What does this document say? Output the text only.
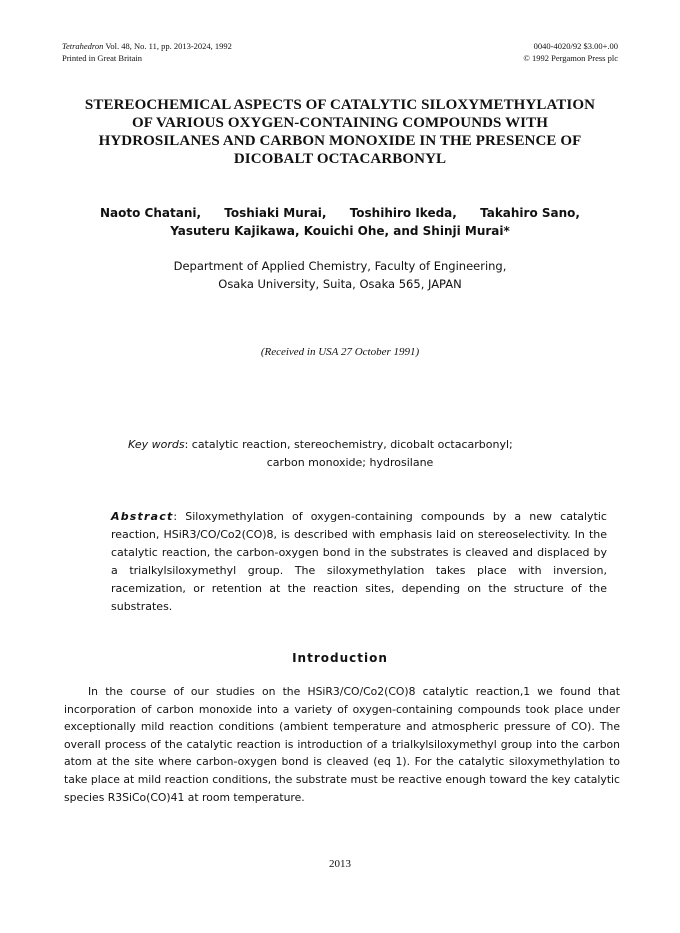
Tetrahedron Vol. 48, No. 11, pp. 2013-2024, 1992
Printed in Great Britain
0040-4020/92 $3.00+.00
© 1992 Pergamon Press plc
STEREOCHEMICAL ASPECTS OF CATALYTIC SILOXYMETHYLATION
OF VARIOUS OXYGEN-CONTAINING COMPOUNDS WITH
HYDROSILANES AND CARBON MONOXIDE IN THE PRESENCE OF
DICOBALT OCTACARBONYL
Naoto Chatani, Toshiaki Murai, Toshihiro Ikeda, Takahiro Sano,
Yasuteru Kajikawa, Kouichi Ohe, and Shinji Murai*
Department of Applied Chemistry, Faculty of Engineering,
Osaka University, Suita, Osaka 565, JAPAN
(Received in USA 27 October 1991)
Key words: catalytic reaction, stereochemistry, dicobalt octacarbonyl;
carbon monoxide; hydrosilane
Abstract: Siloxymethylation of oxygen-containing compounds by a new catalytic reaction, HSiR3/CO/Co2(CO)8, is described with emphasis laid on stereoselectivity. In the catalytic reaction, the carbon-oxygen bond in the substrates is cleaved and displaced by a trialkylsiloxymethyl group. The siloxymethylation takes place with inversion, racemization, or retention at the reaction sites, depending on the structure of the substrates.
Introduction
In the course of our studies on the HSiR3/CO/Co2(CO)8 catalytic reaction,1 we found that incorporation of carbon monoxide into a variety of oxygen-containing compounds took place under exceptionally mild reaction conditions (ambient temperature and atmospheric pressure of CO). The overall process of the catalytic reaction is introduction of a trialkylsiloxymethyl group into the carbon atom at the site where carbon-oxygen bond is cleaved (eq 1). For the catalytic siloxymethylation to take place at mild reaction conditions, the substrate must be reactive enough toward the key catalytic species R3SiCo(CO)41 at room temperature.
2013
